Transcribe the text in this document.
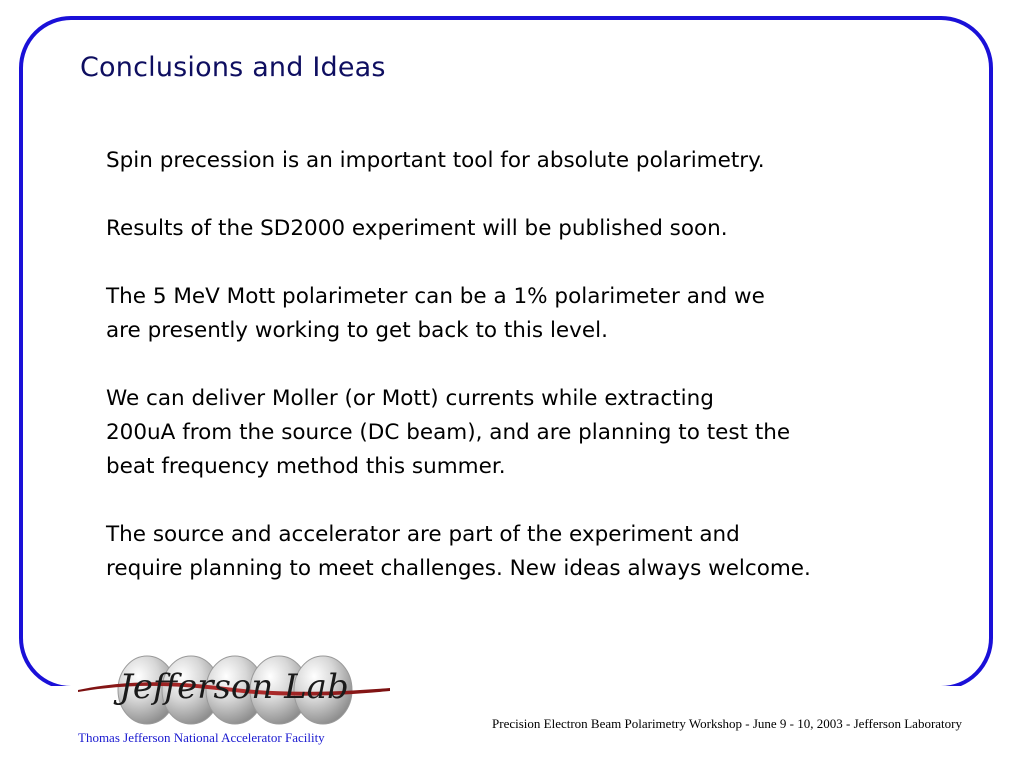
Conclusions and Ideas
Spin precession is an important tool for absolute polarimetry.
Results of the SD2000 experiment will be published soon.
The 5 MeV Mott polarimeter can be a 1% polarimeter and we
are presently working to get back to this level.
We can deliver Moller (or Mott) currents while extracting
200uA from the source (DC beam), and are planning to test the
beat frequency method this summer.
The source and accelerator are part of the experiment and
require planning to meet challenges. New ideas always welcome.
Jefferson Lab
Thomas Jefferson National Accelerator Facility
Precision Electron Beam Polarimetry Workshop - June 9 - 10, 2003 - Jefferson Laboratory
